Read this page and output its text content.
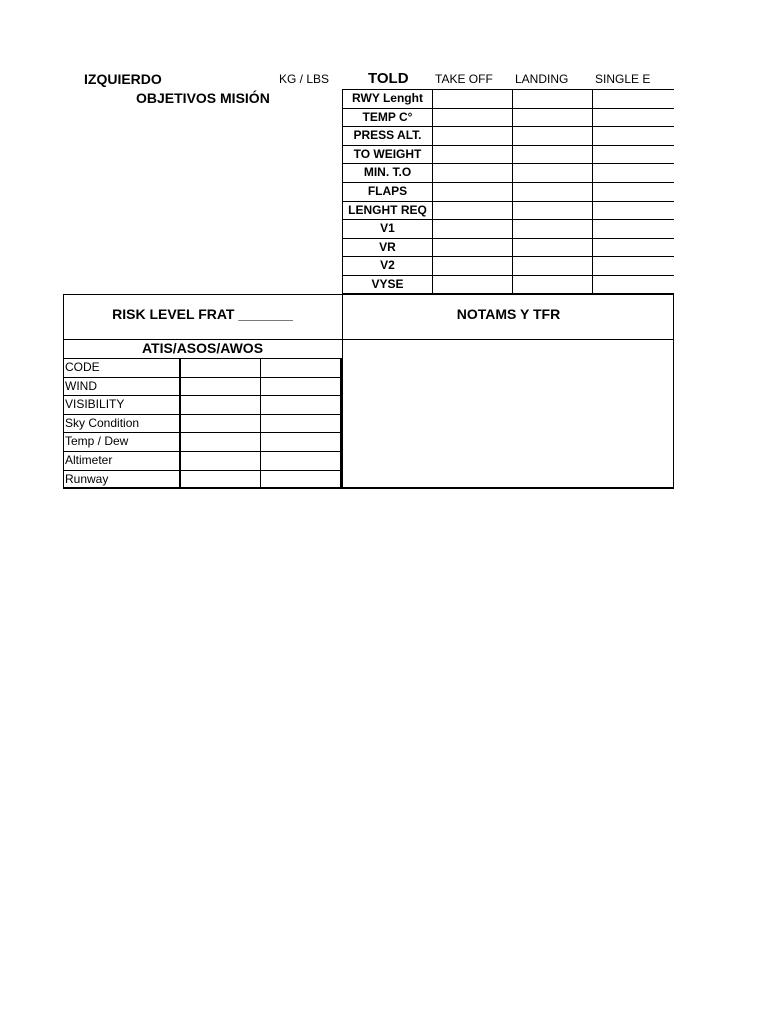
IZQUIERDO
OBJETIVOS MISIÓN
KG / LBS	TOLD TAKE OFF LANDING SINGLE E
RWY Lenght
TEMP C°
PRESS ALT.
TO WEIGHT
MIN. T.O
FLAPS
LENGHT REQ
V1
VR
V2
VYSE
RISK LEVEL FRAT _______	NOTAMS Y TFR
ATIS/ASOS/AWOS
CODE
WIND
VISIBILITY
Sky Condition
Temp / Dew
Altimeter
Runway
